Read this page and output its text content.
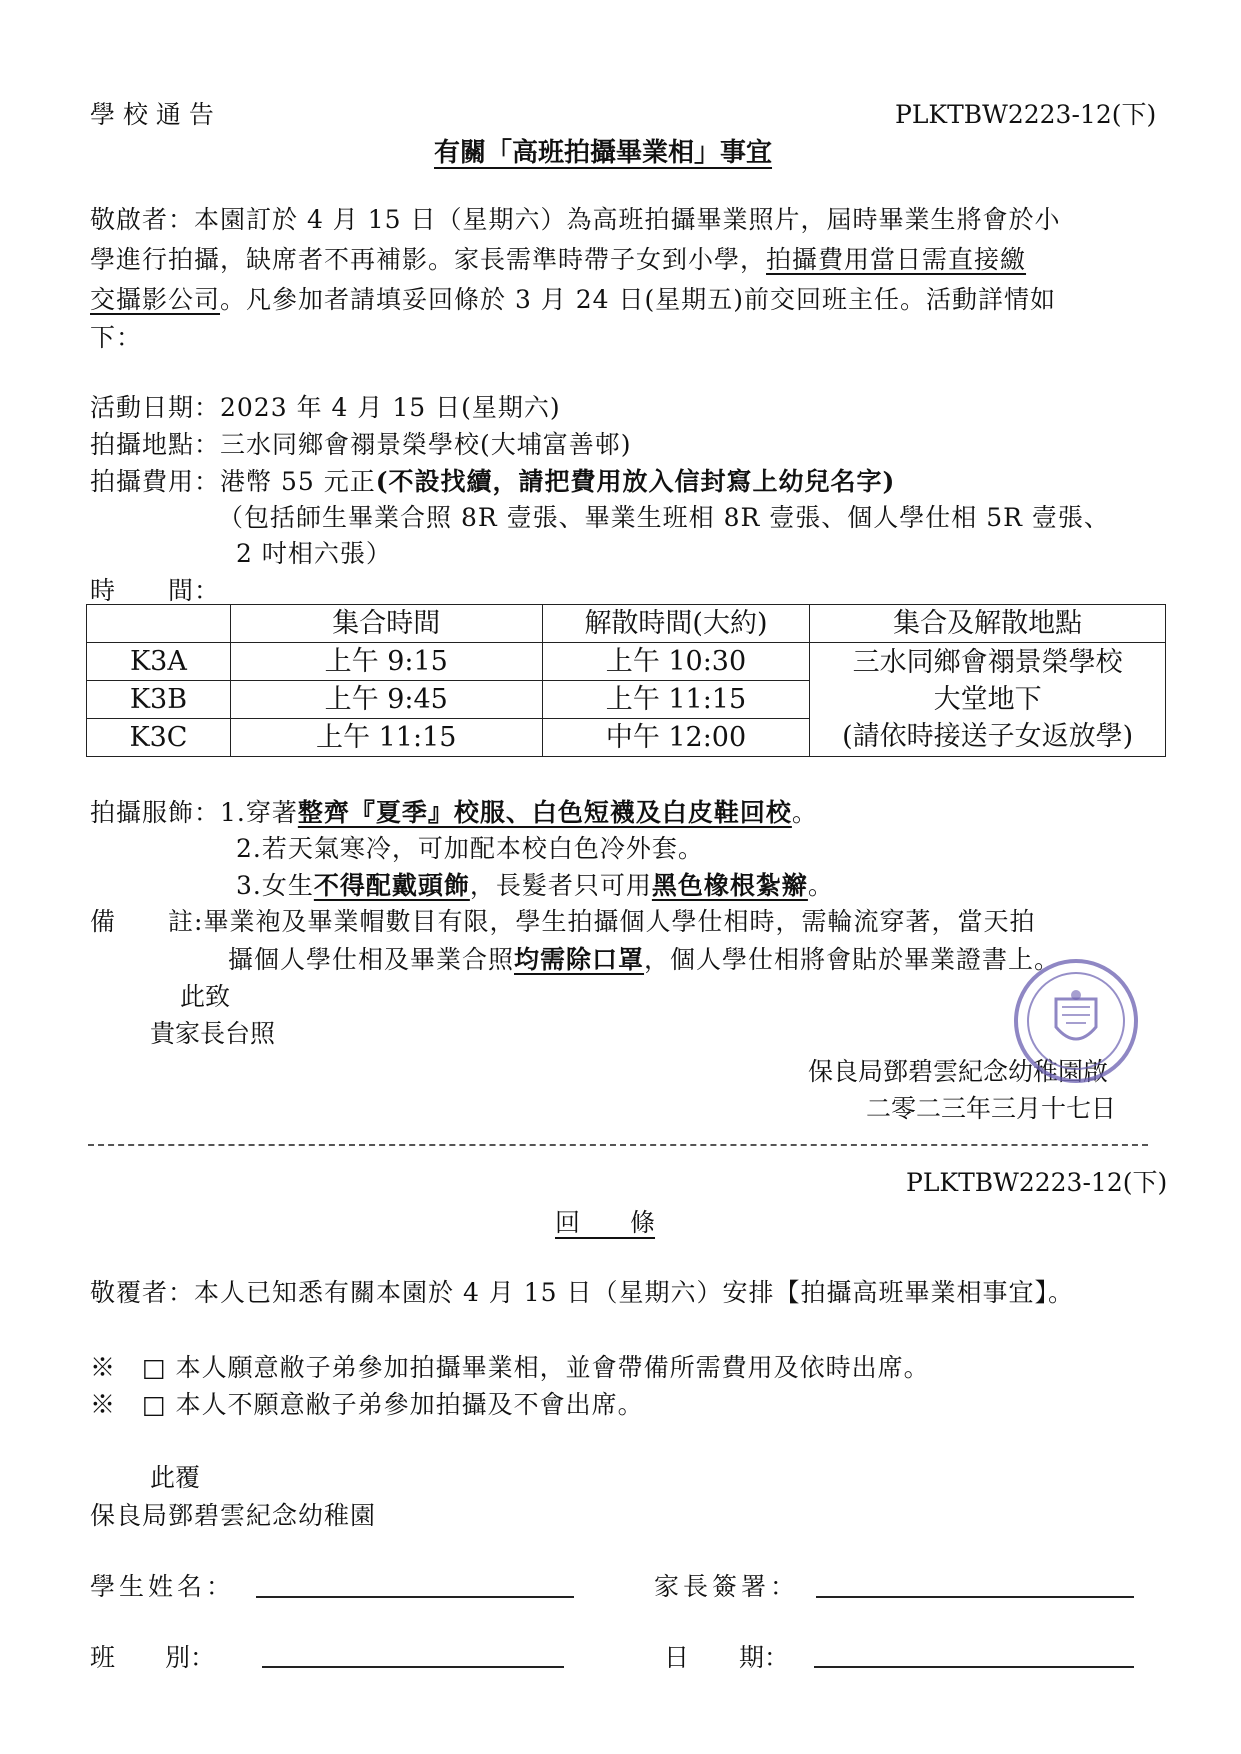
學 校 通 告	PLKTBW2223-12(下)
有關「高班拍攝畢業相」事宜
敬啟者：本園訂於 4 月 15 日（星期六）為高班拍攝畢業照片，屆時畢業生將會於小
學進行拍攝，缺席者不再補影。家長需準時帶子女到小學，拍攝費用當日需直接繳
交攝影公司。凡參加者請填妥回條於 3 月 24 日(星期五)前交回班主任。活動詳情如
下：
活動日期：2023 年 4 月 15 日(星期六)
拍攝地點：三水同鄉會禤景榮學校(大埔富善邨)
拍攝費用：港幣 55 元正(不設找續，請把費用放入信封寫上幼兒名字)
（包括師生畢業合照 8R 壹張、畢業生班相 8R 壹張、個人學仕相 5R 壹張、
2 吋相六張）
時　　間：
	集合時間	解散時間(大約)	集合及解散地點
K3A	上午 9:15	上午 10:30	三水同鄉會禤景榮學校
大堂地下
(請依時接送子女返放學)

K3B	上午 9:45	上午 11:15	
K3C	上午 11:15	中午 12:00	
拍攝服飾：1.穿著整齊『夏季』校服、白色短襪及白皮鞋回校。
2.若天氣寒冷，可加配本校白色冷外套。
3.女生不得配戴頭飾，長髮者只可用黑色橡根紮辮。
備　　註:畢業袍及畢業帽數目有限，學生拍攝個人學仕相時，需輪流穿著，當天拍
攝個人學仕相及畢業合照均需除口罩，個人學仕相將會貼於畢業證書上。
此致
貴家長台照
保良局鄧碧雲紀念幼稚園啟
二零二三年三月十七日
PLKTBW2223-12(下)
回　　條
敬覆者：本人已知悉有關本園於 4 月 15 日（星期六）安排【拍攝高班畢業相事宜】。
※　□ 本人願意敝子弟參加拍攝畢業相，並會帶備所需費用及依時出席。
※　□ 本人不願意敝子弟參加拍攝及不會出席。
此覆
保良局鄧碧雲紀念幼稚園
學生姓名：	家長簽署：
班　　別：	日　　期：
